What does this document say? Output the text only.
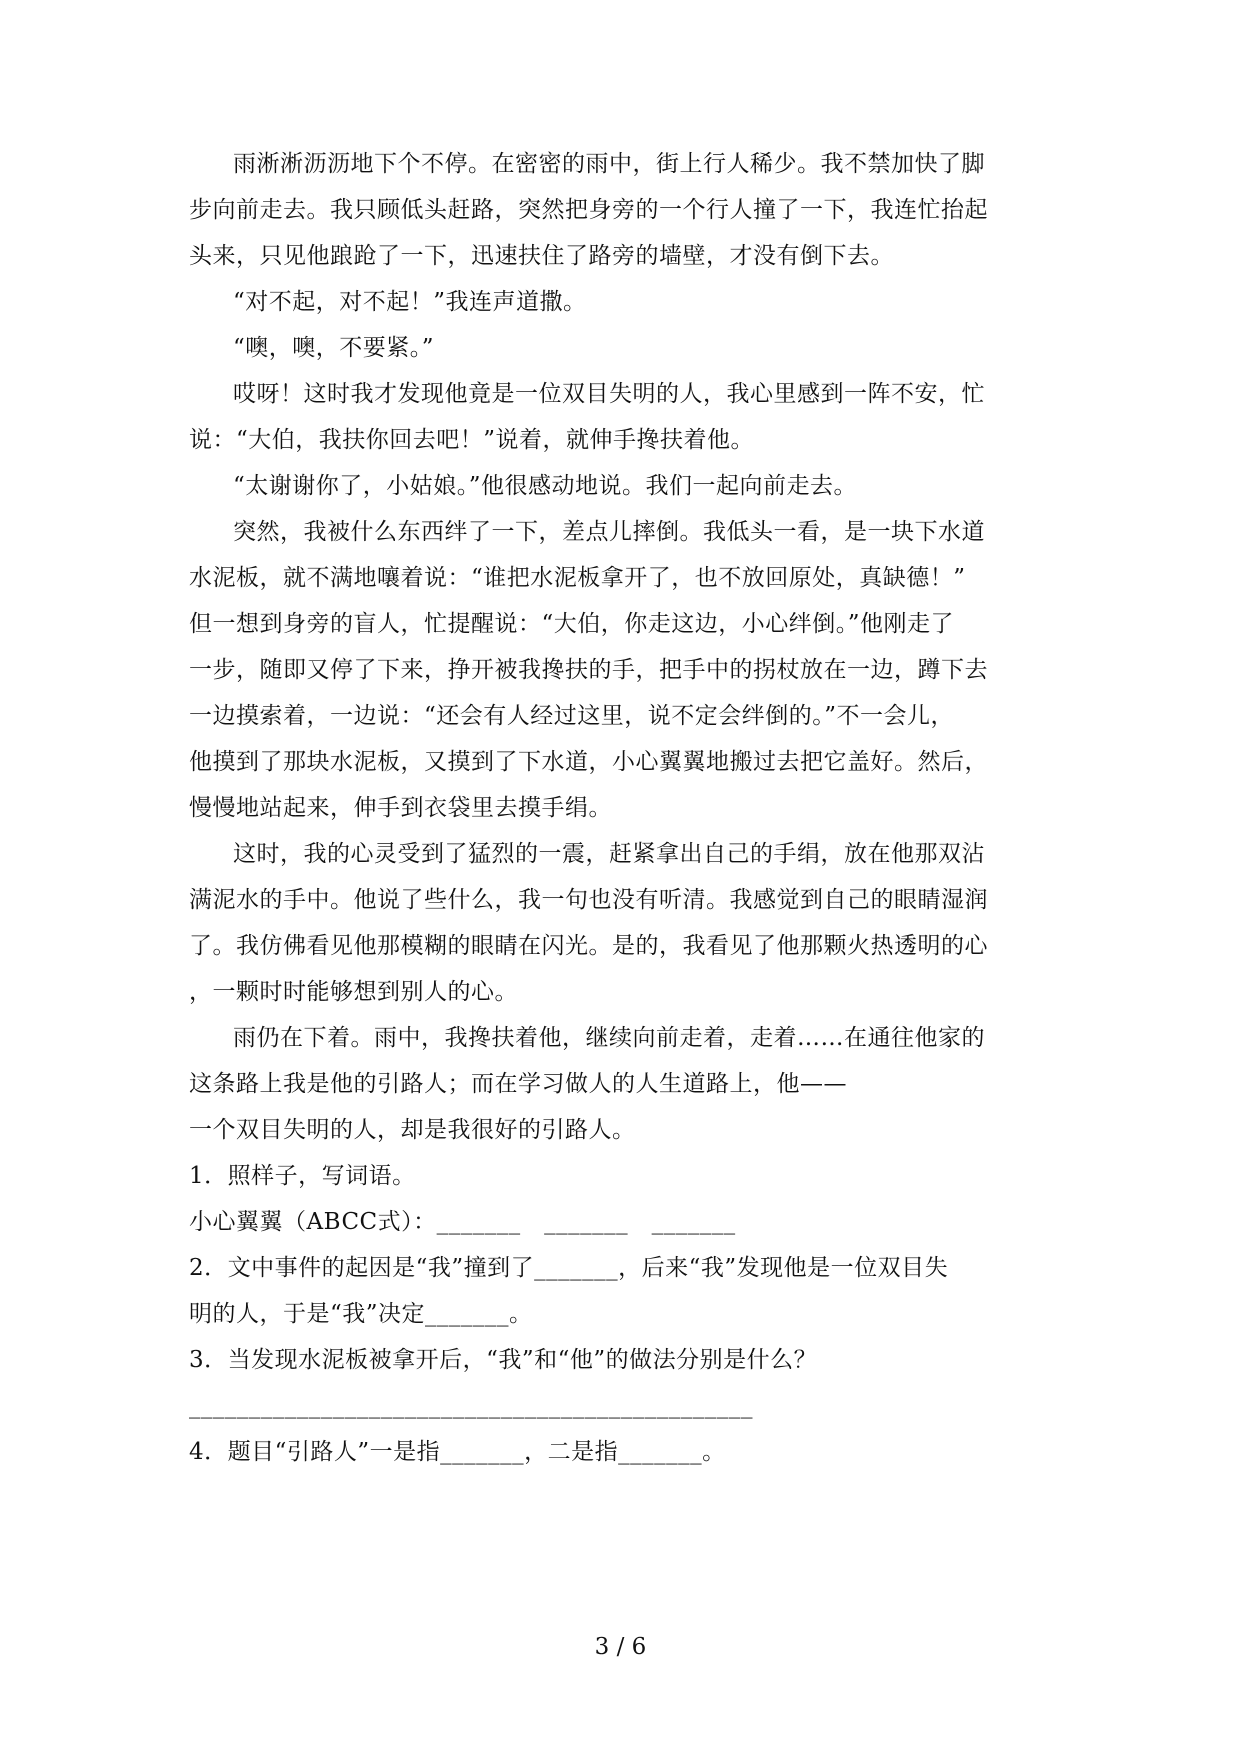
雨淅淅沥沥地下个不停。在密密的雨中，街上行人稀少。我不禁加快了脚
步向前走去。我只顾低头赶路，突然把身旁的一个行人撞了一下，我连忙抬起
头来，只见他踉跄了一下，迅速扶住了路旁的墙壁，才没有倒下去。
“对不起，对不起！”我连声道撒。
“噢，噢，不要紧。”
哎呀！这时我才发现他竟是一位双目失明的人，我心里感到一阵不安，忙
说：“大伯，我扶你回去吧！”说着，就伸手搀扶着他。
“太谢谢你了，小姑娘。”他很感动地说。我们一起向前走去。
突然，我被什么东西绊了一下，差点儿摔倒。我低头一看，是一块下水道
水泥板，就不满地嚷着说：“谁把水泥板拿开了，也不放回原处，真缺德！”
但一想到身旁的盲人，忙提醒说：“大伯，你走这边，小心绊倒。”他刚走了
一步，随即又停了下来，挣开被我搀扶的手，把手中的拐杖放在一边，蹲下去
一边摸索着，一边说：“还会有人经过这里，说不定会绊倒的。”不一会儿，
他摸到了那块水泥板，又摸到了下水道，小心翼翼地搬过去把它盖好。然后，
慢慢地站起来，伸手到衣袋里去摸手绢。
这时，我的心灵受到了猛烈的一震，赶紧拿出自己的手绢，放在他那双沾
满泥水的手中。他说了些什么，我一句也没有听清。我感觉到自己的眼睛湿润
了。我仿佛看见他那模糊的眼睛在闪光。是的，我看见了他那颗火热透明的心
，一颗时时能够想到别人的心。
雨仍在下着。雨中，我搀扶着他，继续向前走着，走着……在通往他家的
这条路上我是他的引路人；而在学习做人的人生道路上，他——
一个双目失明的人，却是我很好的引路人。
1．照样子，写词语。
小心翼翼（ABCC式）：_______　_______　_______
2．文中事件的起因是“我”撞到了_______，后来“我”发现他是一位双目失
明的人，于是“我”决定_______。
3．当发现水泥板被拿开后，“我”和“他”的做法分别是什么？
_______________________________________________
4．题目“引路人”一是指_______，二是指_______。
3 / 6
